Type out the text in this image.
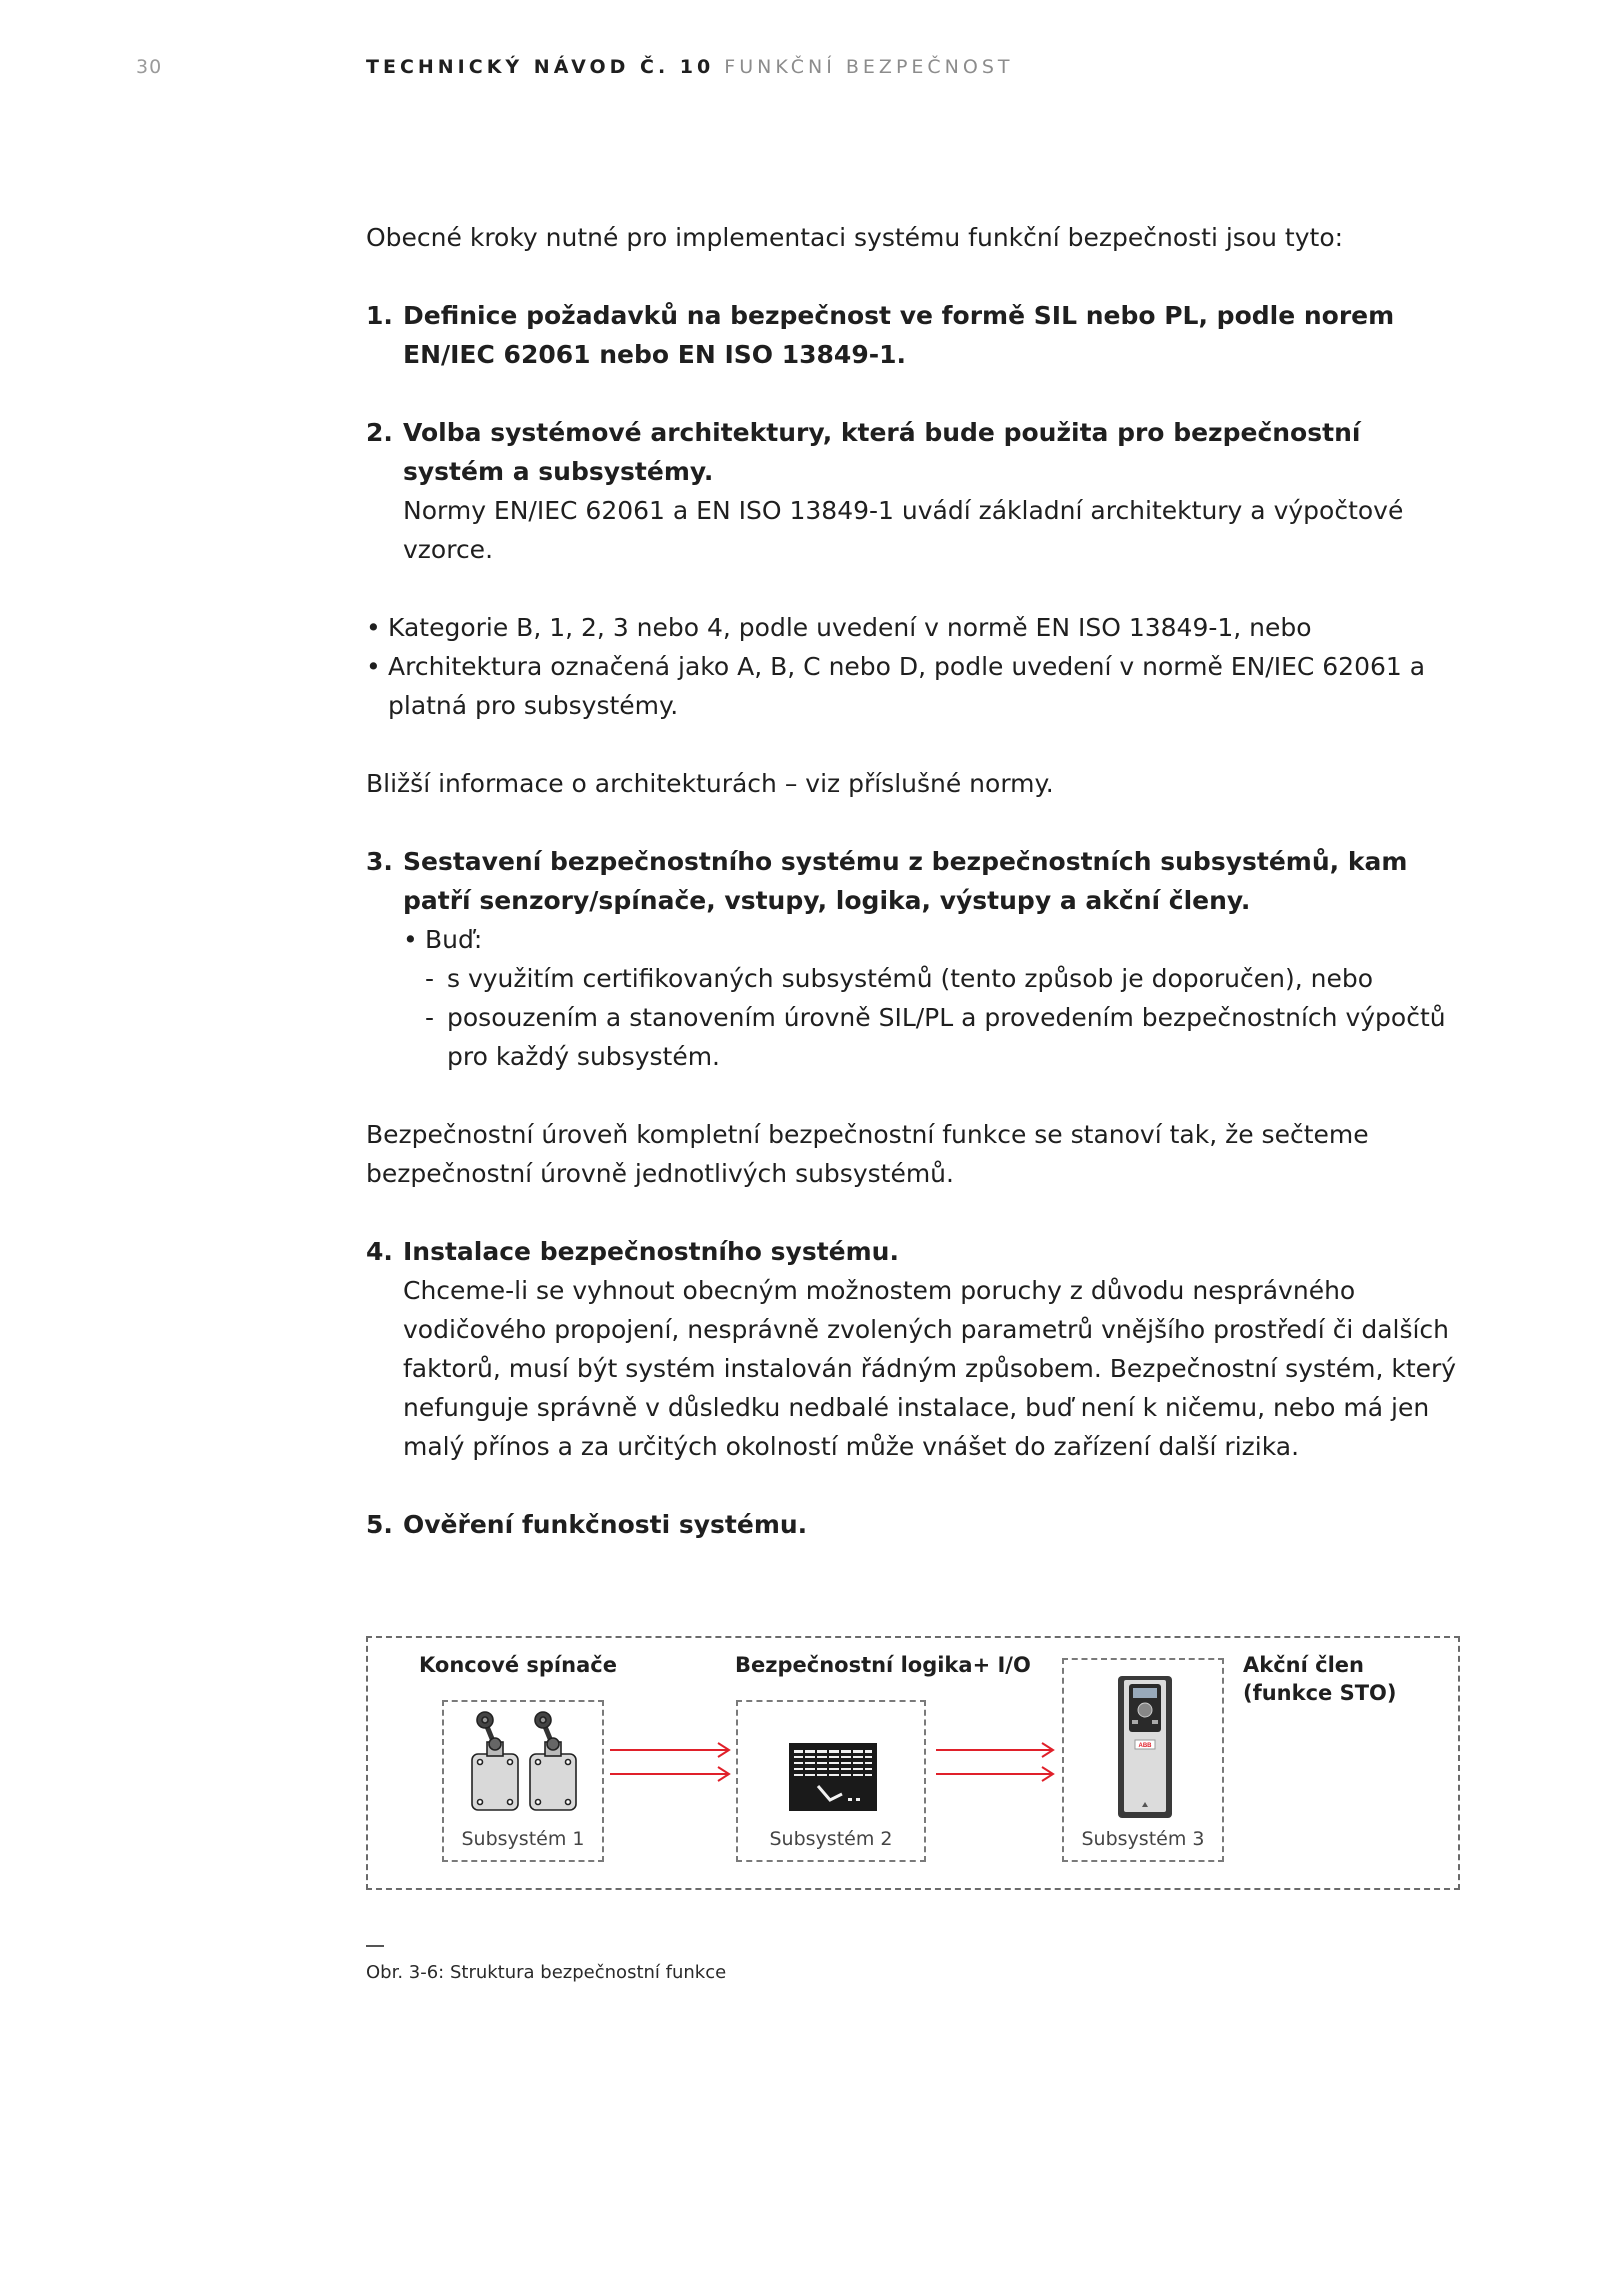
30	TECHNICKÝ NÁVOD Č. 10 FUNKČNÍ BEZPEČNOST

Obecné kroky nutné pro implementaci systému funkční bezpečnosti jsou tyto:

1. Definice požadavků na bezpečnost ve formě SIL nebo PL, podle norem EN/IEC 62061 nebo EN ISO 13849-1.
2. Volba systémové architektury, která bude použita pro bezpečnostní systém a subsystémy.
Normy EN/IEC 62061 a EN ISO 13849-1 uvádí základní architektury a výpočtové vzorce.
• Kategorie B, 1, 2, 3 nebo 4, podle uvedení v normě EN ISO 13849-1, nebo
• Architektura označená jako A, B, C nebo D, podle uvedení v normě EN/IEC 62061 a platná pro subsystémy.

Bližší informace o architekturách – viz příslušné normy.

3. Sestavení bezpečnostního systému z bezpečnostních subsystémů, kam patří senzory/spínače, vstupy, logika, výstupy a akční členy.
• Buď:
- s využitím certifikovaných subsystémů (tento způsob je doporučen), nebo
- posouzením a stanovením úrovně SIL/PL a provedením bezpečnostních výpočtů pro každý subsystém.

Bezpečnostní úroveň kompletní bezpečnostní funkce se stanoví tak, že sečteme bezpečnostní úrovně jednotlivých subsystémů.

4. Instalace bezpečnostního systému.
Chceme-li se vyhnout obecným možnostem poruchy z důvodu nesprávného vodičového propojení, nesprávně zvolených parametrů vnějšího prostředí či dalších faktorů, musí být systém instalován řádným způsobem. Bezpečnostní systém, který nefunguje správně v důsledku nedbalé instalace, buď není k ničemu, nebo má jen malý přínos a za určitých okolností může vnášet do zařízení další rizika.
5. Ověření funkčnosti systému.
Koncové spínače	Bezpečnostní logika+ I/O	Akční člen
(funkce STO)
Subsystém 1	Subsystém 2
ABB
Subsystém 3
Obr. 3-6: Struktura bezpečnostní funkce
